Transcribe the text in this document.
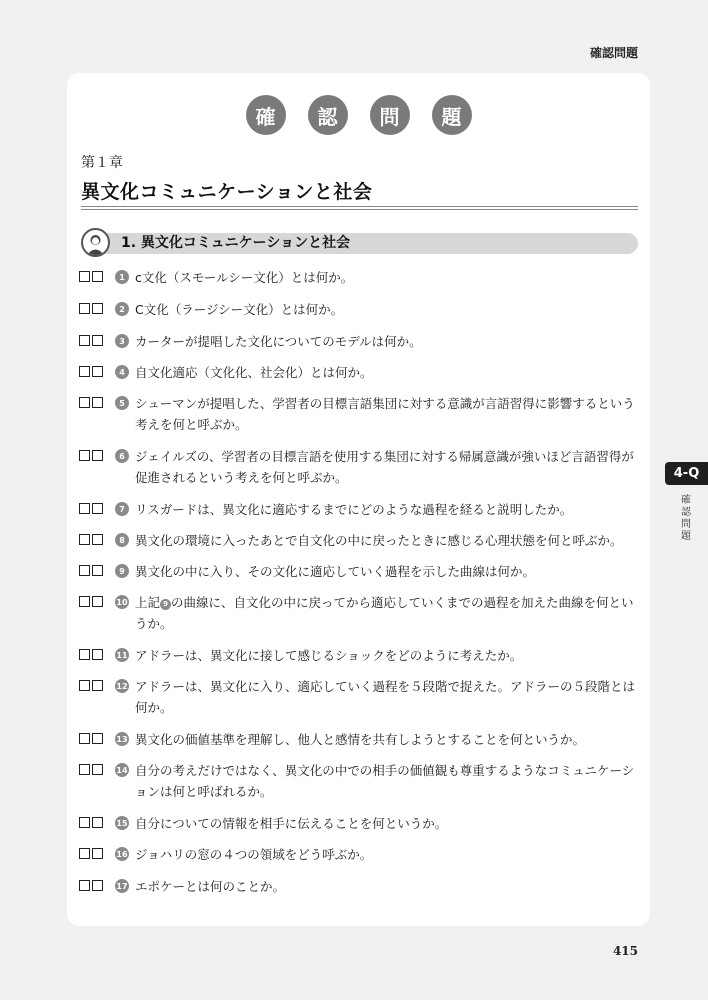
確認問題
確	認	問	題
第１章
異文化コミュニケーションと社会
1. 異文化コミュニケーションと社会
1 c文化（スモールシー文化）とは何か。
2 C文化（ラージシー文化）とは何か。
3 カーターが提唱した文化についてのモデルは何か。
4 自文化適応（文化化、社会化）とは何か。
5 シューマンが提唱した、学習者の目標言語集団に対する意識が言語習得に影響するという考えを何と呼ぶか。
6 ジェイルズの、学習者の目標言語を使用する集団に対する帰属意識が強いほど言語習得が促進されるという考えを何と呼ぶか。
7 リスガードは、異文化に適応するまでにどのような過程を経ると説明したか。
8 異文化の環境に入ったあとで自文化の中に戻ったときに感じる心理状態を何と呼ぶか。
9 異文化の中に入り、その文化に適応していく過程を示した曲線は何か。
10 上記 9 の曲線に、自文化の中に戻ってから適応していくまでの過程を加えた曲線を何というか。
11 アドラーは、異文化に接して感じるショックをどのように考えたか。
12 アドラーは、異文化に入り、適応していく過程を５段階で捉えた。アドラーの５段階とは何か。
13 異文化の価値基準を理解し、他人と感情を共有しようとすることを何というか。
14 自分の考えだけではなく、異文化の中での相手の価値観も尊重するようなコミュニケーションは何と呼ばれるか。
15 自分についての情報を相手に伝えることを何というか。
16 ジョハリの窓の４つの領域をどう呼ぶか。
17 エポケーとは何のことか。
4-Q
確認問題
415
